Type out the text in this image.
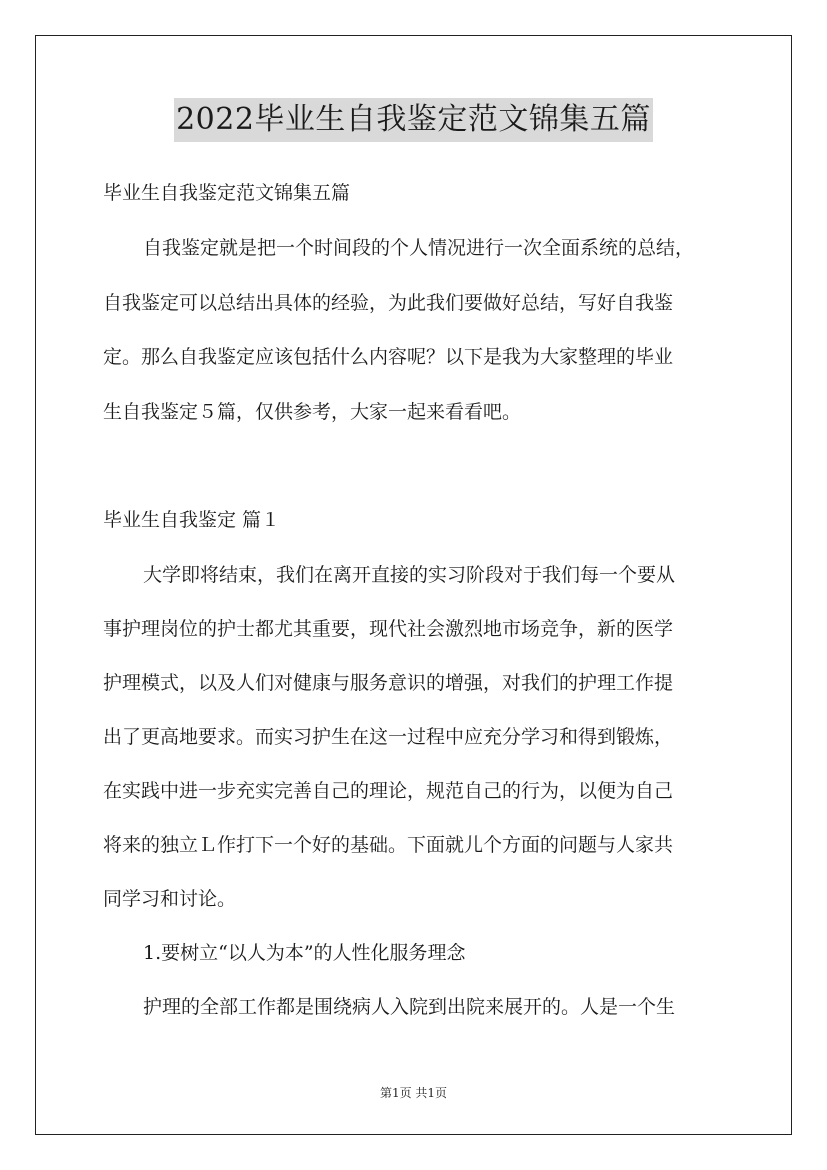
2022毕业生自我鉴定范文锦集五篇
毕业生自我鉴定范文锦集五篇
自我鉴定就是把一个时间段的个人情况进行一次全面系统的总结，
自我鉴定可以总结出具体的经验，为此我们要做好总结，写好自我鉴
定。那么自我鉴定应该包括什么内容呢？以下是我为大家整理的毕业
生自我鉴定５篇，仅供参考，大家一起来看看吧。
毕业生自我鉴定 篇１
大学即将结束，我们在离开直接的实习阶段对于我们每一个要从
事护理岗位的护士都尤其重要，现代社会激烈地市场竞争，新的医学
护理模式，以及人们对健康与服务意识的增强，对我们的护理工作提
出了更高地要求。而实习护生在这一过程中应充分学习和得到锻炼，
在实践中进一步充实完善自己的理论，规范自己的行为，以便为自己
将来的独立Ｌ作打下一个好的基础。下面就儿个方面的问题与人家共
同学习和讨论。
1.要树立“以人为本”的人性化服务理念
护理的全部工作都是围绕病人入院到出院来展开的。人是一个生
第1页 共1页
